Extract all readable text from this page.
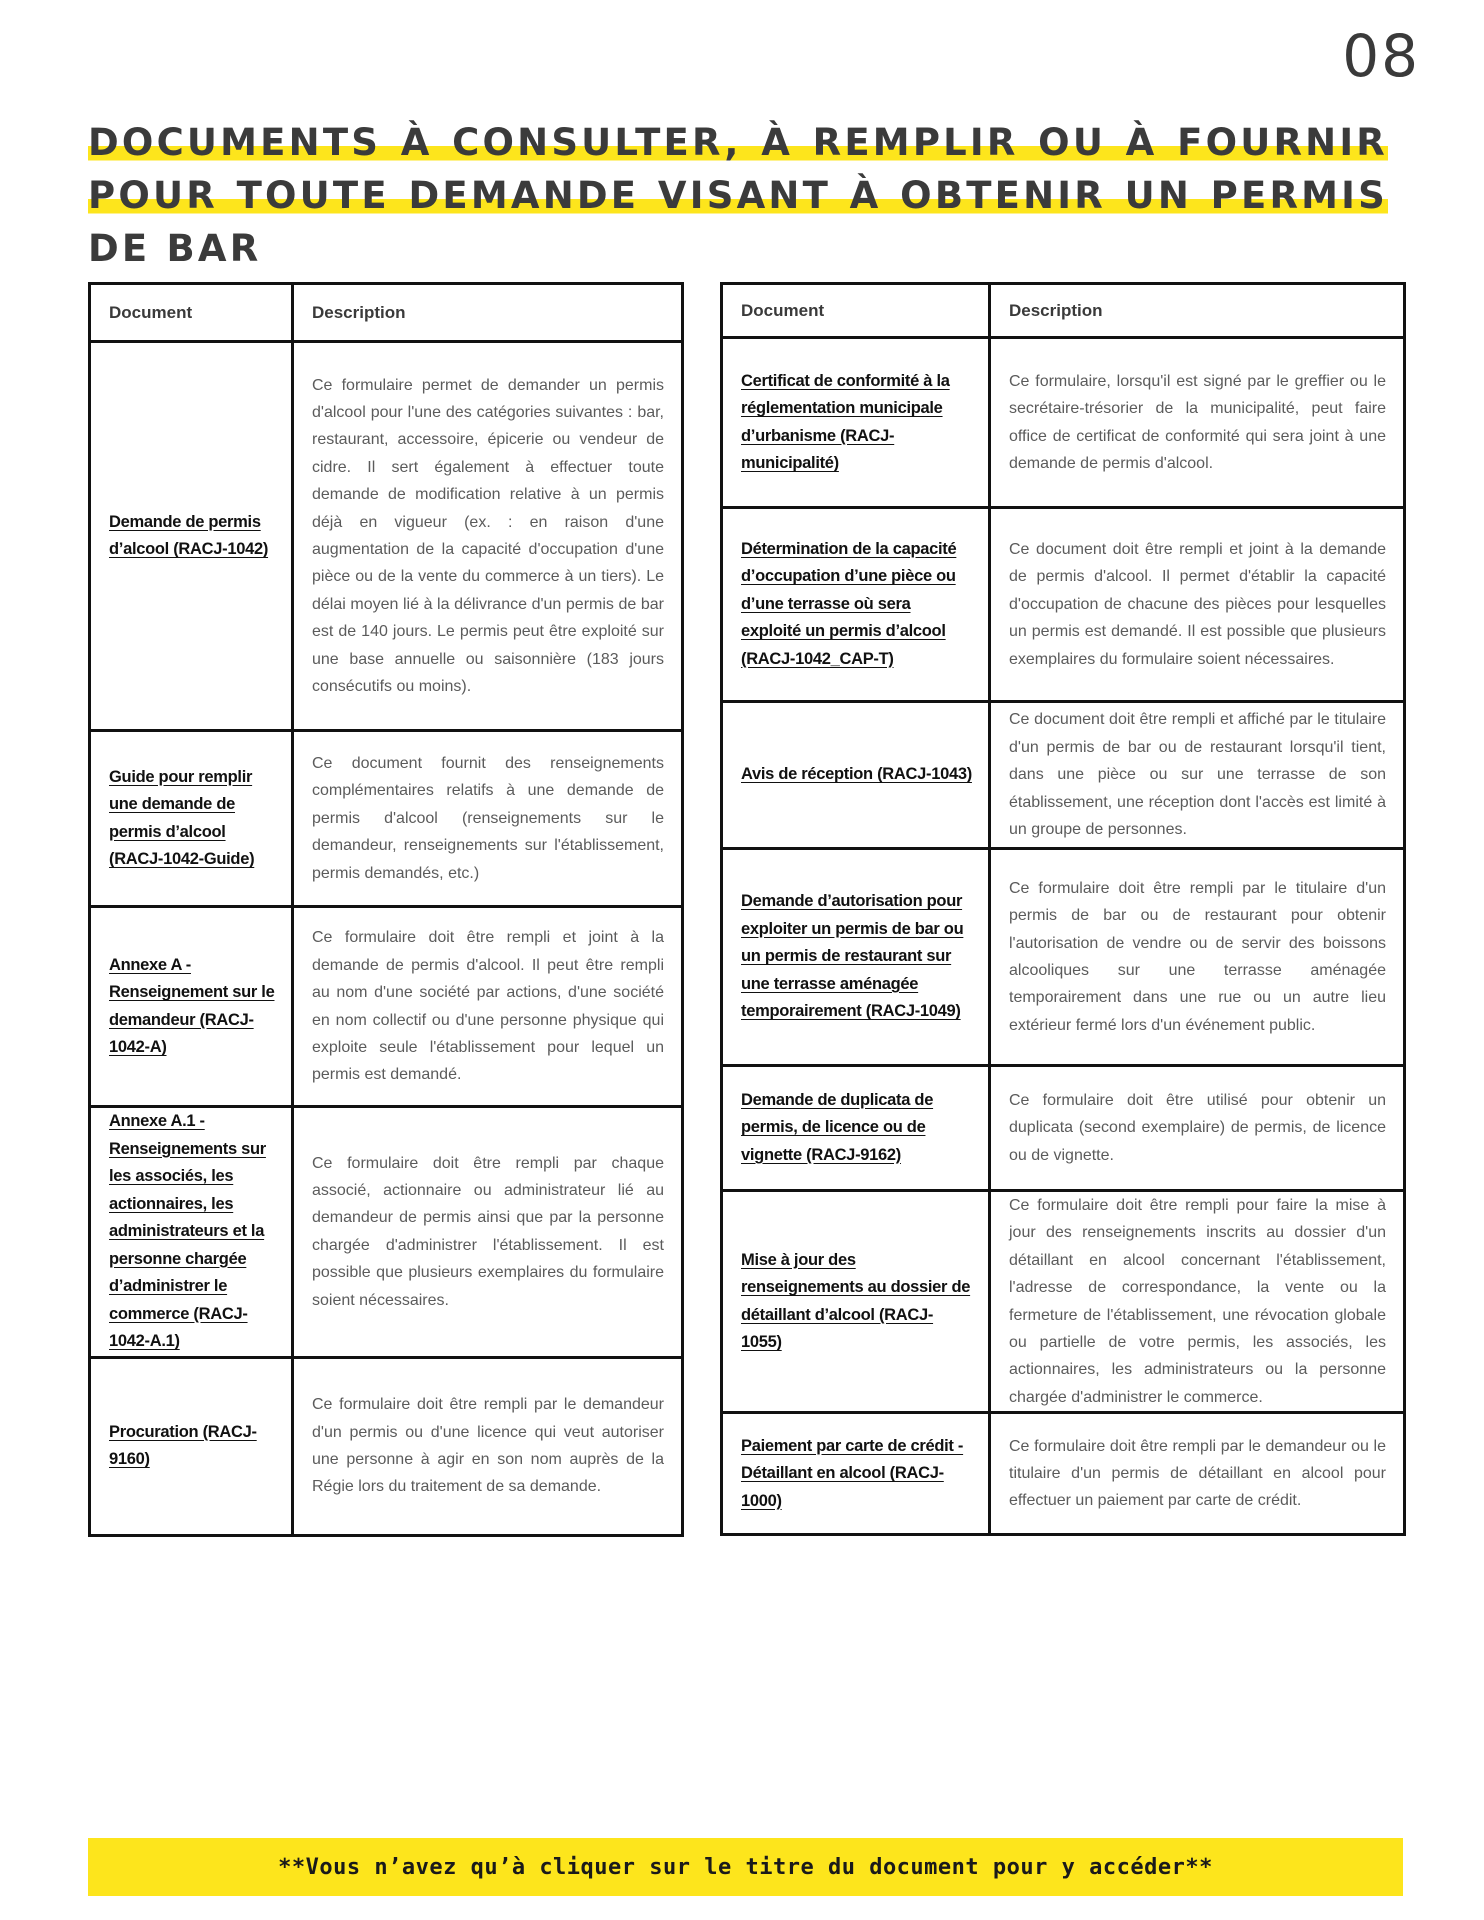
08
DOCUMENTS À CONSULTER, À REMPLIR OU À FOURNIR POUR TOUTE DEMANDE VISANT À OBTENIR UN PERMIS DE BAR
Document	Description
Demande de permis d’alcool (RACJ-1042)	Ce formulaire permet de demander un permis d'alcool pour l'une des catégories suivantes : bar, restaurant, accessoire, épicerie ou vendeur de cidre. Il sert également à effectuer toute demande de modification relative à un permis déjà en vigueur (ex. : en raison d'une augmentation de la capacité d'occupation d'une pièce ou de la vente du commerce à un tiers). Le délai moyen lié à la délivrance d'un permis de bar est de 140 jours. Le permis peut être exploité sur une base annuelle ou saisonnière (183 jours consécutifs ou moins).
Guide pour remplir une demande de permis d’alcool (RACJ-1042-Guide)	Ce document fournit des renseignements complémentaires relatifs à une demande de permis d'alcool (renseignements sur le demandeur, renseignements sur l'établissement, permis demandés, etc.)
Annexe A - Renseignement sur le demandeur (RACJ-1042-A)	Ce formulaire doit être rempli et joint à la demande de permis d'alcool. Il peut être rempli au nom d'une société par actions, d'une société en nom collectif ou d'une personne physique qui exploite seule l'établissement pour lequel un permis est demandé.
Annexe A.1 - Renseignements sur les associés, les actionnaires, les administrateurs et la personne chargée d’administrer le commerce (RACJ-1042-A.1)	Ce formulaire doit être rempli par chaque associé, actionnaire ou administrateur lié au demandeur de permis ainsi que par la personne chargée d'administrer l'établissement. Il est possible que plusieurs exemplaires du formulaire soient nécessaires.
Procuration (RACJ-9160)	Ce formulaire doit être rempli par le demandeur d'un permis ou d'une licence qui veut autoriser une personne à agir en son nom auprès de la Régie lors du traitement de sa demande.
Document	Description
Certificat de conformité à la réglementation municipale d’urbanisme (RACJ-municipalité)	Ce formulaire, lorsqu'il est signé par le greffier ou le secrétaire-trésorier de la municipalité, peut faire office de certificat de conformité qui sera joint à une demande de permis d'alcool.
Détermination de la capacité d’occupation d’une pièce ou d’une terrasse où sera exploité un permis d’alcool (RACJ-1042_CAP-T)	Ce document doit être rempli et joint à la demande de permis d'alcool. Il permet d'établir la capacité d'occupation de chacune des pièces pour lesquelles un permis est demandé. Il est possible que plusieurs exemplaires du formulaire soient nécessaires.
Avis de réception (RACJ-1043)	Ce document doit être rempli et affiché par le titulaire d'un permis de bar ou de restaurant lorsqu'il tient, dans une pièce ou sur une terrasse de son établissement, une réception dont l'accès est limité à un groupe de personnes.
Demande d’autorisation pour exploiter un permis de bar ou un permis de restaurant sur une terrasse aménagée temporairement (RACJ-1049)	Ce formulaire doit être rempli par le titulaire d'un permis de bar ou de restaurant pour obtenir l'autorisation de vendre ou de servir des boissons alcooliques sur une terrasse aménagée temporairement dans une rue ou un autre lieu extérieur fermé lors d'un événement public.
Demande de duplicata de permis, de licence ou de vignette (RACJ-9162)	Ce formulaire doit être utilisé pour obtenir un duplicata (second exemplaire) de permis, de licence ou de vignette.
Mise à jour des renseignements au dossier de détaillant d’alcool (RACJ-1055)	Ce formulaire doit être rempli pour faire la mise à jour des renseignements inscrits au dossier d'un détaillant en alcool concernant l'établissement, l'adresse de correspondance, la vente ou la fermeture de l'établissement, une révocation globale ou partielle de votre permis, les associés, les actionnaires, les administrateurs ou la personne chargée d'administrer le commerce.
Paiement par carte de crédit - Détaillant en alcool (RACJ-1000)	Ce formulaire doit être rempli par le demandeur ou le titulaire d'un permis de détaillant en alcool pour effectuer un paiement par carte de crédit.
**Vous n’avez qu’à cliquer sur le titre du document pour y accéder**
